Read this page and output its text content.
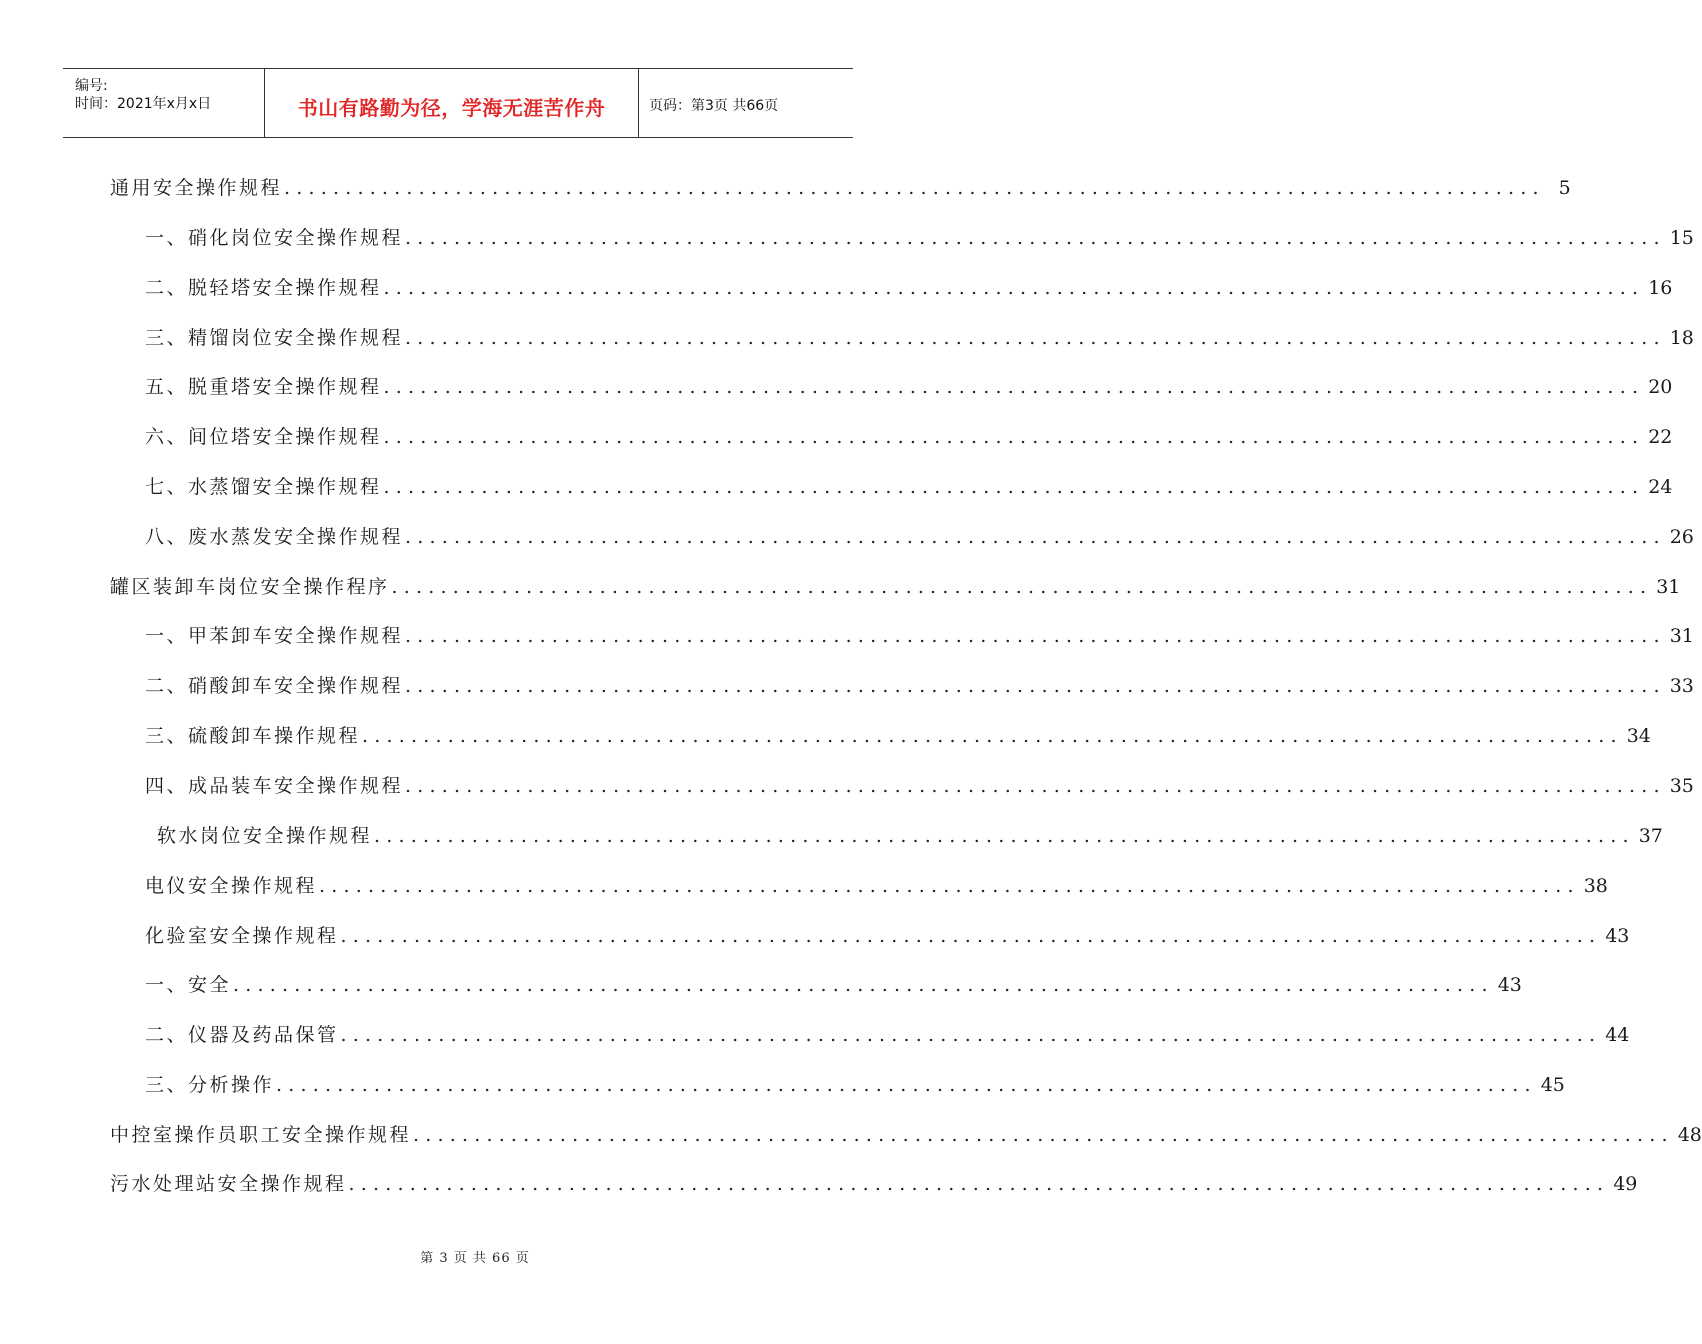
编号:
时间：2021年x月x日	书山有路勤为径，学海无涯苦作舟	页码：第3页 共66页
通用安全操作规程 ....................................................................................................... 5
一、硝化岗位安全操作规程 ....................................................................................................... 15
二、脱轻塔安全操作规程 ....................................................................................................... 16
三、精馏岗位安全操作规程 ....................................................................................................... 18
五、脱重塔安全操作规程 ....................................................................................................... 20
六、间位塔安全操作规程 ....................................................................................................... 22
七、水蒸馏安全操作规程 ....................................................................................................... 24
八、废水蒸发安全操作规程 ....................................................................................................... 26
罐区装卸车岗位安全操作程序 ....................................................................................................... 31
一、甲苯卸车安全操作规程 ....................................................................................................... 31
二、硝酸卸车安全操作规程 ....................................................................................................... 33
三、硫酸卸车操作规程 ....................................................................................................... 34
四、成品装车安全操作规程 ....................................................................................................... 35
软水岗位安全操作规程 ....................................................................................................... 37
电仪安全操作规程 ....................................................................................................... 38
化验室安全操作规程 ....................................................................................................... 43
一、安全 ....................................................................................................... 43
二、仪器及药品保管 ....................................................................................................... 44
三、分析操作 ....................................................................................................... 45
中控室操作员职工安全操作规程 ....................................................................................................... 48
污水处理站安全操作规程 ....................................................................................................... 49
第 3 页 共 66 页
